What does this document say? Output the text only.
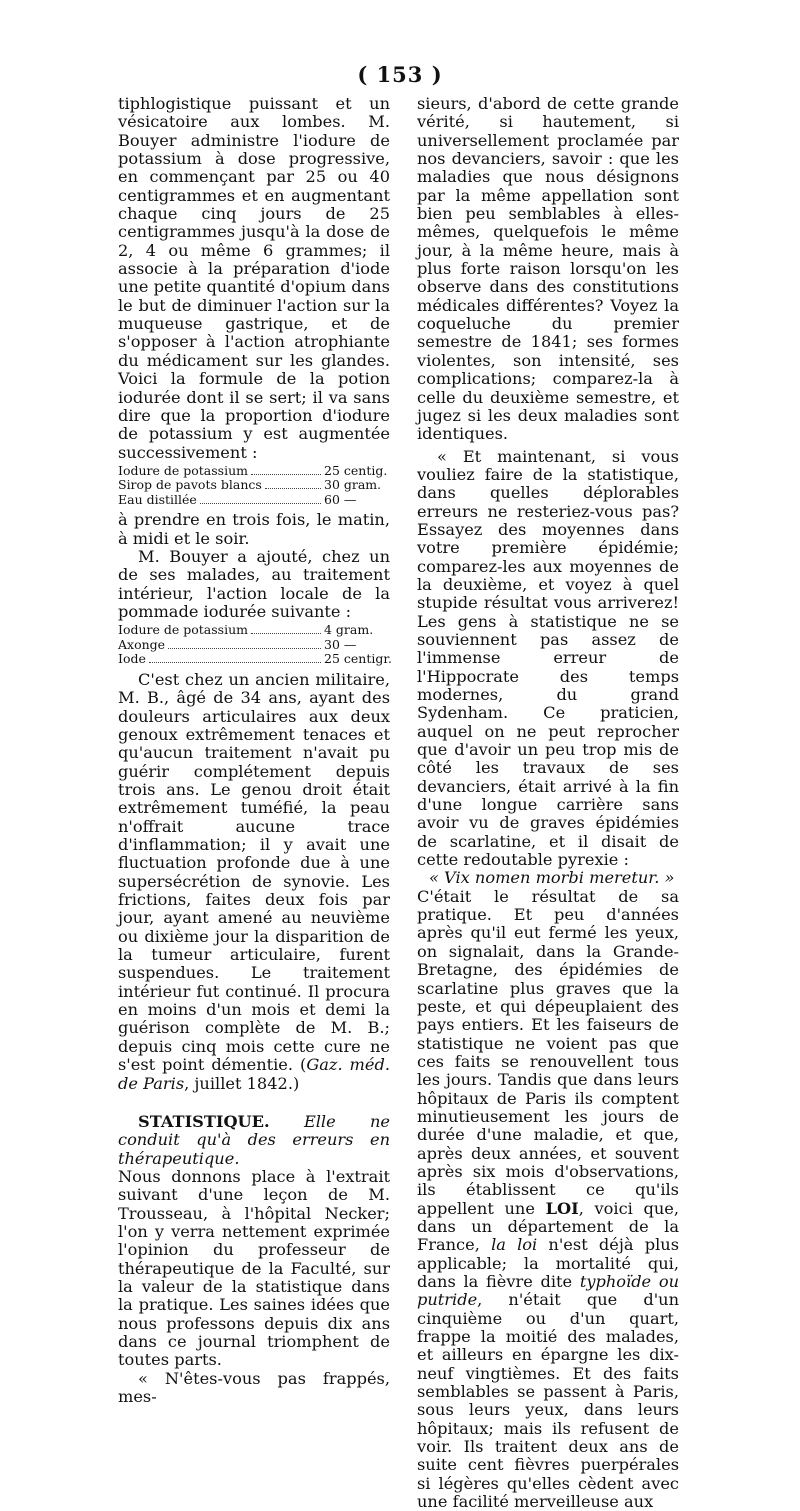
( 153 )

tiphlogistique puissant et un vésicatoire aux lombes. M. Bouyer administre l'iodure de potassium à dose progressive, en commençant par 25 ou 40 centigrammes et en augmentant chaque cinq jours de 25 centigrammes jusqu'à la dose de 2, 4 ou même 6 grammes; il associe à la préparation d'iode une petite quantité d'opium dans le but de diminuer l'action sur la muqueuse gastrique, et de s'opposer à l'action atrophiante du médicament sur les glandes. Voici la formule de la potion iodurée dont il se sert; il va sans dire que la proportion d'iodure de potassium y est augmentée successivement :

Iodure de potassium	25 centig.
Sirop de pavots blancs	30 gram.
Eau distillée	60 —

à prendre en trois fois, le matin, à midi et le soir.

M. Bouyer a ajouté, chez un de ses malades, au traitement intérieur, l'action locale de la pommade iodurée suivante :

Iodure de potassium	4 gram.
Axonge	30 —
Iode	25 centigr.

C'est chez un ancien militaire, M. B., âgé de 34 ans, ayant des douleurs articulaires aux deux genoux extrêmement tenaces et qu'aucun traitement n'avait pu guérir complétement depuis trois ans. Le genou droit était extrêmement tuméfié, la peau n'offrait aucune trace d'inflammation; il y avait une fluctuation profonde due à une supersécrétion de synovie. Les frictions, faites deux fois par jour, ayant amené au neuvième ou dixième jour la disparition de la tumeur articulaire, furent suspendues. Le traitement intérieur fut continué. Il procura en moins d'un mois et demi la guérison complète de M. B.; depuis cinq mois cette cure ne s'est point démentie. (Gaz. méd. de Paris, juillet 1842.)

STATISTIQUE. Elle ne conduit qu'à des erreurs en thérapeutique.

Nous donnons place à l'extrait suivant d'une leçon de M. Trousseau, à l'hôpital Necker; l'on y verra nettement exprimée l'opinion du professeur de thérapeutique de la Faculté, sur la valeur de la statistique dans la pratique. Les saines idées que nous professons depuis dix ans dans ce journal triomphent de toutes parts.

« N'êtes-vous pas frappés, mes-

sieurs, d'abord de cette grande vérité, si hautement, si universellement proclamée par nos devanciers, savoir : que les maladies que nous désignons par la même appellation sont bien peu semblables à elles-mêmes, quelquefois le même jour, à la même heure, mais à plus forte raison lorsqu'on les observe dans des constitutions médicales différentes? Voyez la coqueluche du premier semestre de 1841; ses formes violentes, son intensité, ses complications; comparez-la à celle du deuxième semestre, et jugez si les deux maladies sont identiques.

« Et maintenant, si vous vouliez faire de la statistique, dans quelles déplorables erreurs ne resteriez-vous pas? Essayez des moyennes dans votre première épidémie; comparez-les aux moyennes de la deuxième, et voyez à quel stupide résultat vous arriverez! Les gens à statistique ne se souviennent pas assez de l'immense erreur de l'Hippocrate des temps modernes, du grand Sydenham. Ce praticien, auquel on ne peut reprocher que d'avoir un peu trop mis de côté les travaux de ses devanciers, était arrivé à la fin d'une longue carrière sans avoir vu de graves épidémies de scarlatine, et il disait de cette redoutable pyrexie :

« Vix nomen morbi meretur. »

C'était le résultat de sa pratique. Et peu d'années après qu'il eut fermé les yeux, on signalait, dans la Grande-Bretagne, des épidémies de scarlatine plus graves que la peste, et qui dépeuplaient des pays entiers. Et les faiseurs de statistique ne voient pas que ces faits se renouvellent tous les jours. Tandis que dans leurs hôpitaux de Paris ils comptent minutieusement les jours de durée d'une maladie, et que, après deux années, et souvent après six mois d'observations, ils établissent ce qu'ils appellent une LOI, voici que, dans un département de la France, la loi n'est déjà plus applicable; la mortalité qui, dans la fièvre dite typhoïde ou putride, n'était que d'un cinquième ou d'un quart, frappe la moitié des malades, et ailleurs en épargne les dix-neuf vingtièmes. Et des faits semblables se passent à Paris, sous leurs yeux, dans leurs hôpitaux; mais ils refusent de voir. Ils traitent deux ans de suite cent fièvres puerpérales si légères qu'elles cèdent avec une facilité merveilleuse aux
